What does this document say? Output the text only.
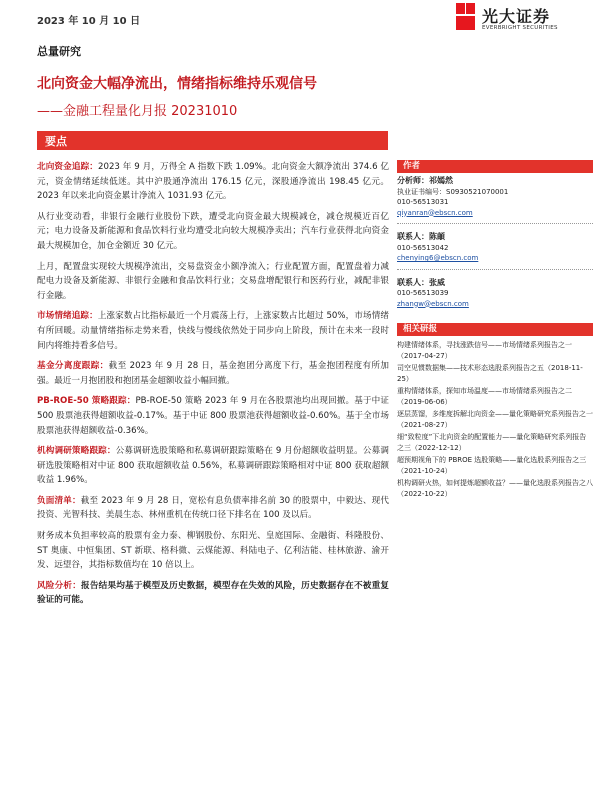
2023 年 10 月 10 日	光大证券
EVERBRIGHT SECURITIES
总量研究
北向资金大幅净流出，情绪指标维持乐观信号
——金融工程量化月报 20231010
要点

北向资金追踪：2023 年 9 月，万得全 A 指数下跌 1.09%。北向资金大额净流出 374.6 亿元，资金情绪延续低迷。其中沪股通净流出 176.15 亿元，深股通净流出 198.45 亿元。2023 年以来北向资金累计净流入 1031.93 亿元。

从行业变动看，非银行金融行业股份下跌，遭受北向资金最大规模减仓，减仓规模近百亿元；电力设备及新能源和食品饮料行业均遭受北向较大规模净卖出；汽车行业获得北向资金最大规模加仓，加仓金额近 30 亿元。

上月，配置盘实现较大规模净流出，交易盘资金小额净流入；行业配置方面，配置盘着力减配电力设备及新能源、非银行金融和食品饮料行业；交易盘增配银行和医药行业，减配非银行金融。

市场情绪追踪：上涨家数占比指标最近一个月震荡上行，上涨家数占比超过 50%，市场情绪有所回暖。动量情绪指标走势来看，快线与慢线依然处于同步向上阶段，预计在未来一段时间内将维持看多信号。

基金分离度跟踪：截至 2023 年 9 月 28 日，基金抱团分离度下行，基金抱团程度有所加强。最近一月抱团股和抱团基金超额收益小幅回撤。

PB-ROE-50 策略跟踪：PB-ROE-50 策略 2023 年 9 月在各股票池均出现回撤。基于中证 500 股票池获得超额收益-0.17%。基于中证 800 股票池获得超额收益-0.60%。基于全市场股票池获得超额收益-0.36%。

机构调研策略跟踪：公募调研选股策略和私募调研跟踪策略在 9 月份超额收益明显。公募调研选股策略相对中证 800 获取超额收益 0.56%，私募调研跟踪策略相对中证 800 获取超额收益 1.96%。

负面清单：截至 2023 年 9 月 28 日，宽松有息负债率排名前 30 的股票中，中毅达、现代投资、光智科技、美晨生态、林州重机在传统口径下排名在 100 及以后。

财务成本负担率较高的股票有金力泰、柳钢股份、东阳光、皇庭国际、金融街、科隆股份、ST 奥康、中恒集团、ST 新联、格科微、云煤能源、科陆电子、亿利洁能、桂林旅游、渝开发、远望谷，其指标数值均在 10 倍以上。

风险分析：报告结果均基于模型及历史数据，模型存在失效的风险，历史数据存在不被重复验证的可能。

作者
分析师：祁嫣然
执业证书编号：S0930521070001
010-56513031
qiyanran@ebscn.com
联系人：陈頔
010-56513042
chenying6@ebscn.com
联系人：张威
010-56513039
zhangw@ebscn.com
相关研报
构建情绪体系，寻找涨跌信号——市场情绪系列报告之一（2017-04-27）
司空见惯数据集——技术形态选股系列报告之五（2018-11-25）
重构情绪体系，探知市场温度——市场情绪系列报告之二（2019-06-06）
逐层蒸馏，多维度拆解北向资金——量化策略研究系列报告之一（2021-08-27）
细“致粒度”下北向资金的配置能力——量化策略研究系列报告之三（2022-12-12）
超预期视角下的 PBROE 选股策略——量化选股系列报告之三（2021-10-24）
机构调研火热，如何提炼超额收益？——量化选股系列报告之八（2022-10-22）
